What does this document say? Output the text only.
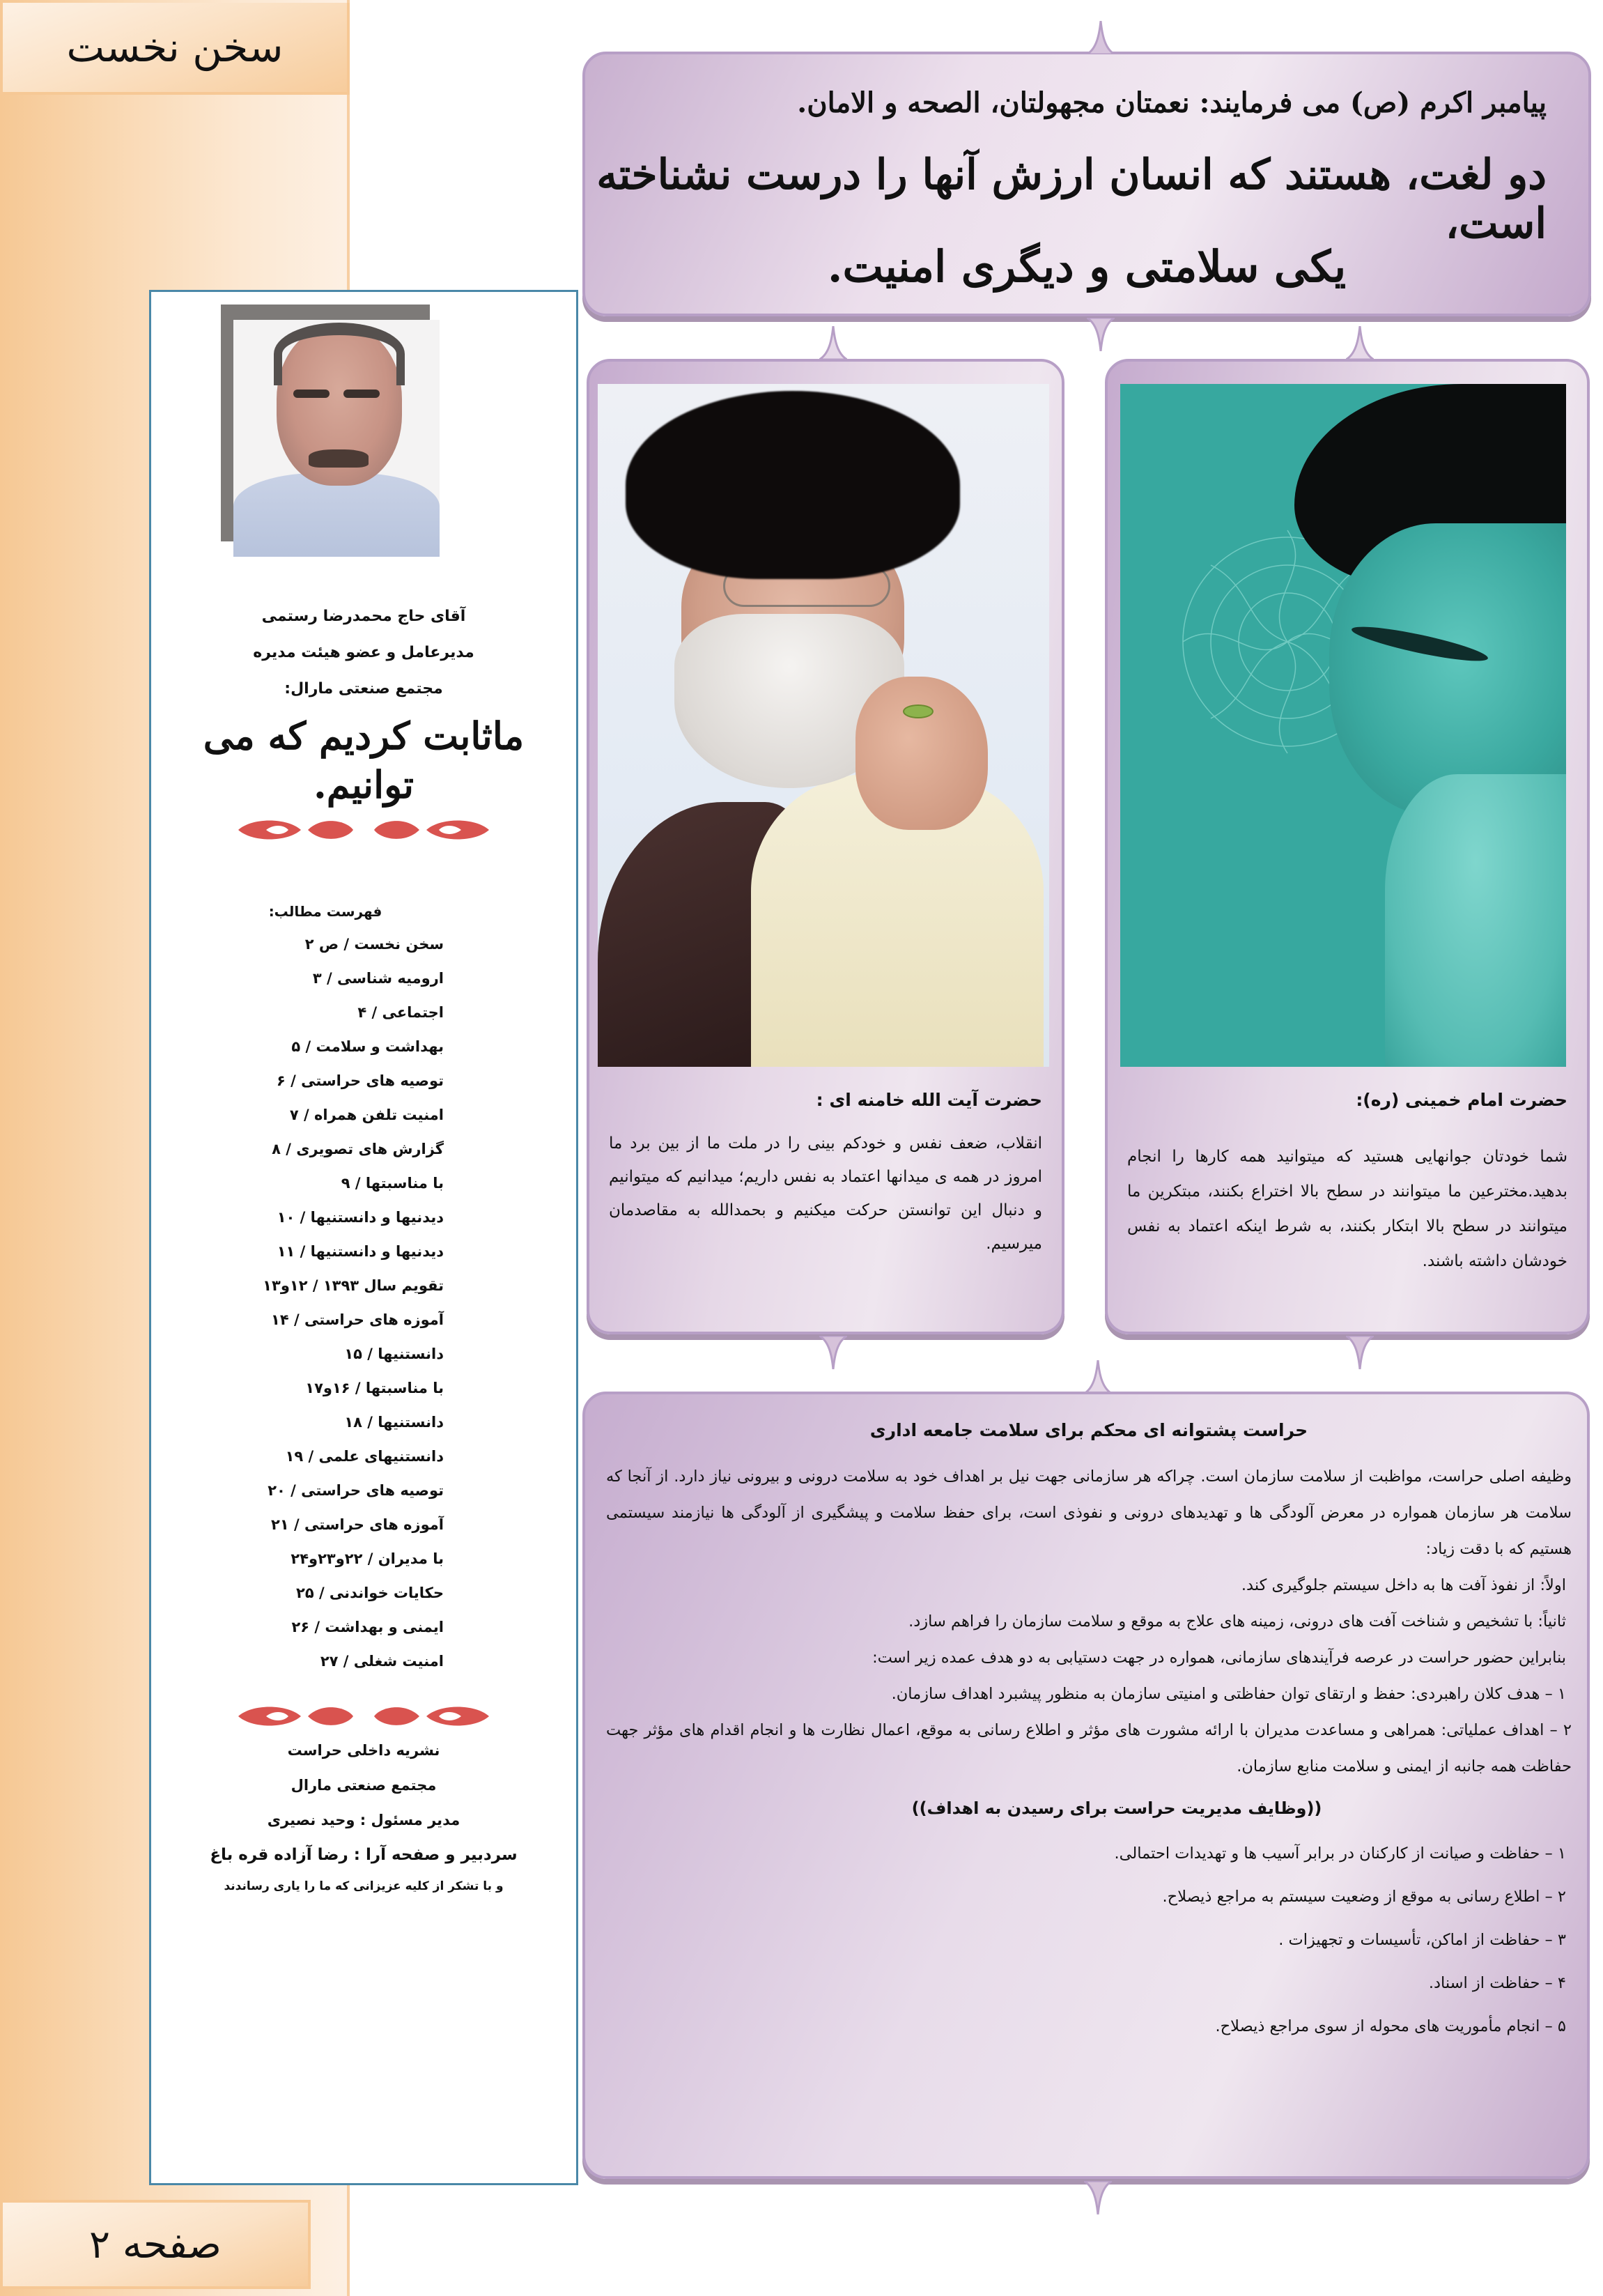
سخن نخست
صفحه ۲
آقای حاج محمدرضا رستمی
مدیرعامل و عضو هیئت مدیره
مجتمع صنعتی مارال:
ماثابت کردیم که می توانیم.
فهرست مطالب:
سخن نخست / ص ۲
ارومیه شناسی / ۳
اجتماعی / ۴
بهداشت و سلامت / ۵
توصیه های حراستی / ۶
امنیت تلفن همراه / ۷
گزارش های تصویری / ۸
با مناسبتها / ۹
دیدنیها و دانستنیها / ۱۰
دیدنیها و دانستنیها / ۱۱
تقویم سال ۱۳۹۳ / ۱۲و۱۳
آموزه های حراستی / ۱۴
دانستنیها / ۱۵
با مناسبتها / ۱۶و۱۷
دانستنیها / ۱۸
دانستنیهای علمی / ۱۹
توصیه های حراستی / ۲۰
آموزه های حراستی / ۲۱
با مدیران / ۲۲و۲۳و۲۴
حکایات خواندنی / ۲۵
ایمنی و بهداشت / ۲۶
امنیت شغلی / ۲۷
نشریه داخلی حراست
مجتمع صنعتی مارال
مدیر مسئول : وحید نصیری
سردبیر و صفحه آرا : رضا آزاده قره باغ
و با تشکر از کلیه عزیزانی که ما را یاری رساندند
پیامبر اکرم (ص) می فرمایند: نعمتان مجهولتان، الصحه و الامان.
دو لغت، هستند که انسان ارزش آنها را درست نشناخته است،
یکی سلامتی و دیگری امنیت.
حضرت آیت الله خامنه ای :
انقلاب، ضعف نفس و خودکم بینی را در ملت ما از بین برد ما امروز در همه ی میدانها اعتماد به نفس داریم؛ میدانیم که میتوانیم و دنبال این توانستن حرکت میکنیم و بحمدالله به مقاصدمان میرسیم.
حضرت امام خمینی (ره):
شما خودتان جوانهایی هستید که میتوانید همه کارها را انجام بدهید.مخترعین ما میتوانند در سطح بالا اختراع بکنند، مبتکرین ما میتوانند در سطح بالا ابتکار بکنند، به شرط اینکه اعتماد به نفس خودشان داشته باشند.
حراست پشتوانه ای محکم برای سلامت جامعه اداری
وظیفه اصلی حراست، مواظبت از سلامت سازمان است. چراکه هر سازمانی جهت نیل بر اهداف خود به سلامت درونی و بیرونی نیاز دارد. از آنجا که سلامت هر سازمان همواره در معرض آلودگی ها و تهدیدهای درونی و نفوذی است، برای حفظ سلامت و پیشگیری از آلودگی ها نیازمند سیستمی هستیم که با دقت زیاد:
اولاً: از نفوذ آفت ها به داخل سیستم جلوگیری کند.
ثانیاً: با تشخیص و شناخت آفت های درونی، زمینه های علاج به موقع و سلامت سازمان را فراهم سازد.
بنابراین حضور حراست در عرصه فرآیندهای سازمانی، همواره در جهت دستیابی به دو هدف عمده زیر است:
۱ – هدف کلان راهبردی: حفظ و ارتقای توان حفاظتی و امنیتی سازمان به منظور پیشبرد اهداف سازمان.
۲ – اهداف عملیاتی: همراهی و مساعدت مدیران با ارائه مشورت های مؤثر و اطلاع رسانی به موقع، اعمال نظارت ها و انجام اقدام های مؤثر جهت حفاظت همه جانبه از ایمنی و سلامت منابع سازمان.
((وظایف مدیریت حراست برای رسیدن به اهداف))
۱ – حفاظت و صیانت از کارکنان در برابر آسیب ها و تهدیدات احتمالی.
۲ – اطلاع رسانی به موقع از وضعیت سیستم به مراجع ذیصلاح.
۳ – حفاظت از اماکن، تأسیسات و تجهیزات .
۴ – حفاظت از اسناد.
۵ – انجام مأموریت های محوله از سوی مراجع ذیصلاح.
